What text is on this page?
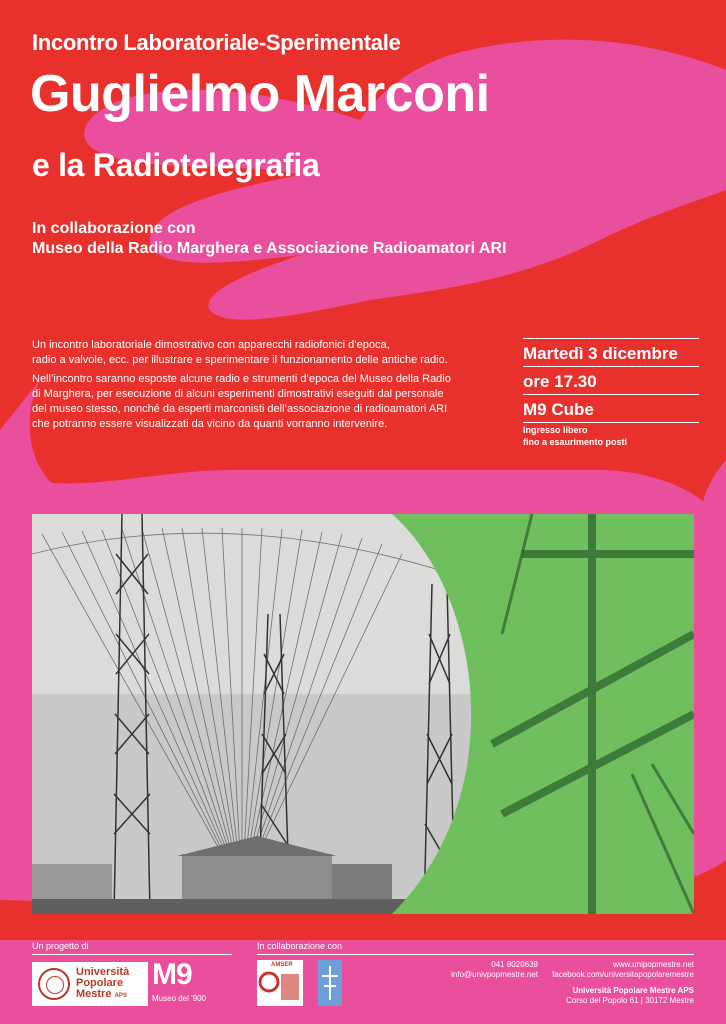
Incontro Laboratoriale-Sperimentale
Guglielmo Marconi
e la Radiotelegrafia
In collaborazione con
Museo della Radio Marghera e Associazione Radioamatori ARI
Un incontro laboratoriale dimostrativo con apparecchi radiofonici d’epoca,
radio a valvole, ecc. per illustrare e sperimentare il funzionamento delle antiche radio.
Nell’incontro saranno esposte alcune radio e strumenti d’epoca del Museo della Radio
di Marghera, per esecuzione di alcuni esperimenti dimostrativi eseguiti dal personale
del museo stesso, nonché da esperti marconisti dell’associazione di radioamatori ARI
che potranno essere visualizzati da vicino da quanti vorranno intervenire.
Martedì 3 dicembre
ore 17.30
M9 Cube
Ingresso libero
fino a esaurimento posti
Un progetto di	In collaborazione con
Università
Popolare
Mestre APS
M9
Museo del '900
AMSER	041 8020639
info@univpopmestre.net
www.unipopmestre.net
facebook.com/universitapopolaremestre
Università Popolare Mestre APS
Corso del Popolo 61 | 30172 Mestre
